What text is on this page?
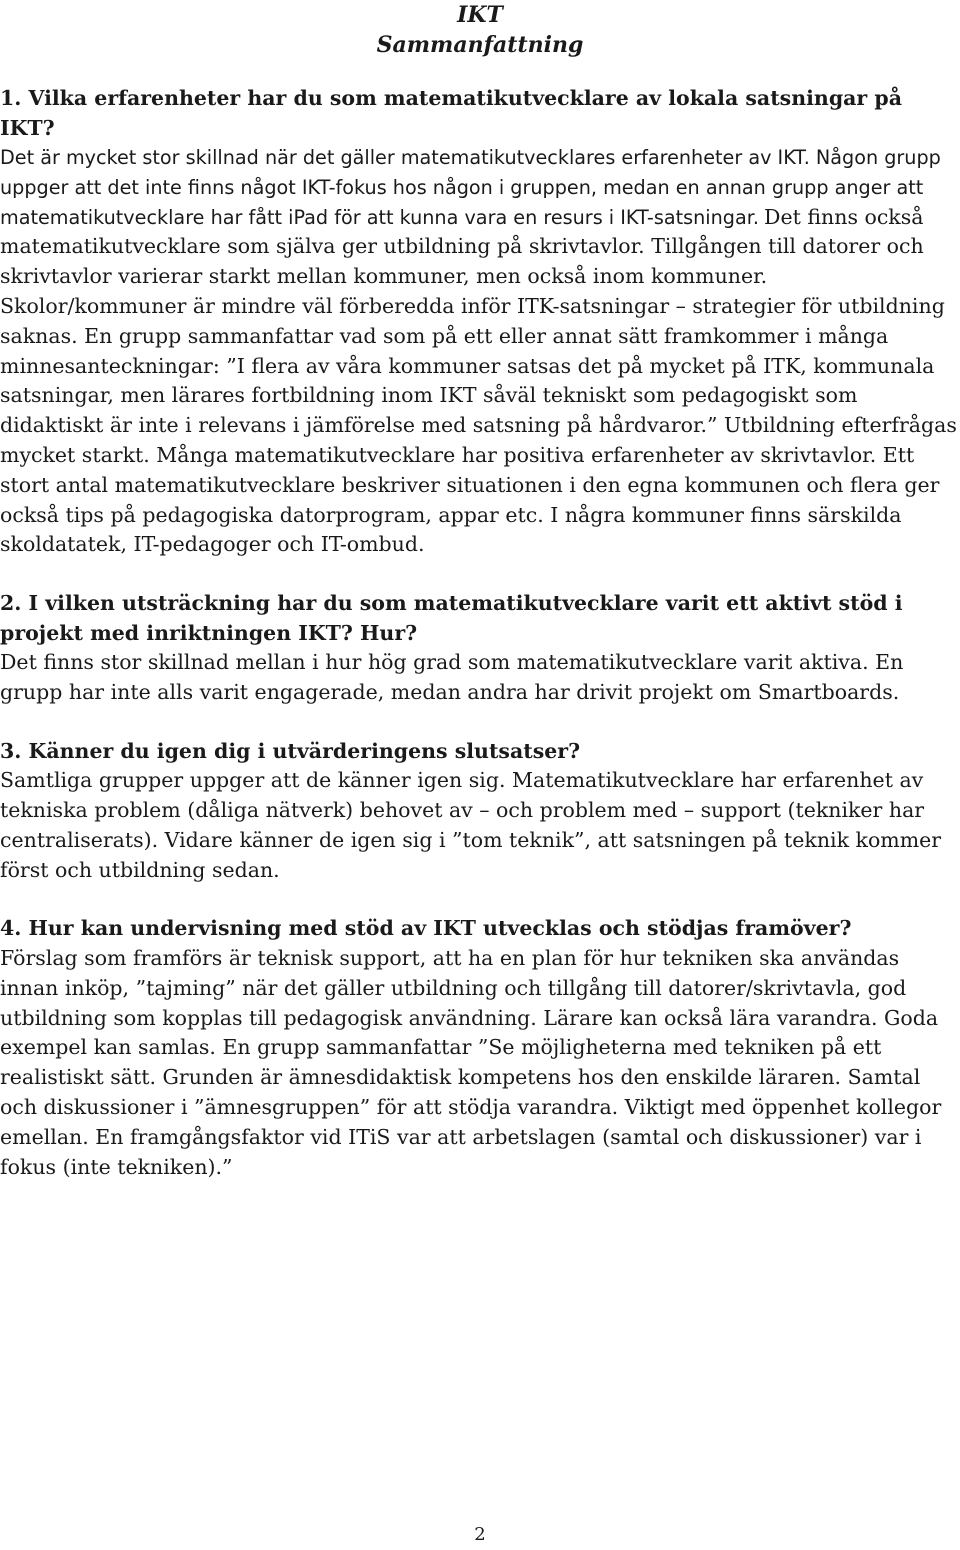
IKT
Sammanfattning

1. Vilka erfarenheter har du som matematikutvecklare av lokala satsningar på IKT?

Det är mycket stor skillnad när det gäller matematikutvecklares erfarenheter av IKT. Någon grupp uppger att det inte finns något IKT-fokus hos någon i gruppen, medan en annan grupp anger att matematikutvecklare har fått iPad för att kunna vara en resurs i IKT-satsningar. Det finns också matematikutvecklare som själva ger utbildning på skrivtavlor. Tillgången till datorer och skrivtavlor varierar starkt mellan kommuner, men också inom kommuner. Skolor/kommuner är mindre väl förberedda inför ITK-satsningar – strategier för utbildning saknas. En grupp sammanfattar vad som på ett eller annat sätt framkommer i många minnesanteckningar: ”I flera av våra kommuner satsas det på mycket på ITK, kommunala satsningar, men lärares fortbildning inom IKT såväl tekniskt som pedagogiskt som didaktiskt är inte i relevans i jämförelse med satsning på hårdvaror.” Utbildning efterfrågas mycket starkt. Många matematikutvecklare har positiva erfarenheter av skrivtavlor. Ett stort antal matematikutvecklare beskriver situationen i den egna kommunen och flera ger också tips på pedagogiska datorprogram, appar etc. I några kommuner finns särskilda skoldatatek, IT-pedagoger och IT-ombud.

2. I vilken utsträckning har du som matematikutvecklare varit ett aktivt stöd i projekt med inriktningen IKT? Hur?

Det finns stor skillnad mellan i hur hög grad som matematikutvecklare varit aktiva. En grupp har inte alls varit engagerade, medan andra har drivit projekt om Smartboards.

3. Känner du igen dig i utvärderingens slutsatser?

Samtliga grupper uppger att de känner igen sig. Matematikutvecklare har erfarenhet av tekniska problem (dåliga nätverk) behovet av – och problem med – support (tekniker har centraliserats). Vidare känner de igen sig i ”tom teknik”, att satsningen på teknik kommer först och utbildning sedan.

4. Hur kan undervisning med stöd av IKT utvecklas och stödjas framöver?

Förslag som framförs är teknisk support, att ha en plan för hur tekniken ska användas innan inköp, ”tajming” när det gäller utbildning och tillgång till datorer/skrivtavla, god utbildning som kopplas till pedagogisk användning. Lärare kan också lära varandra. Goda exempel kan samlas. En grupp sammanfattar ”Se möjligheterna med tekniken på ett realistiskt sätt. Grunden är ämnesdidaktisk kompetens hos den enskilde läraren. Samtal och diskussioner i ”ämnesgruppen” för att stödja varandra. Viktigt med öppenhet kollegor emellan. En framgångsfaktor vid ITiS var att arbetslagen (samtal och diskussioner) var i fokus (inte tekniken).”

2
